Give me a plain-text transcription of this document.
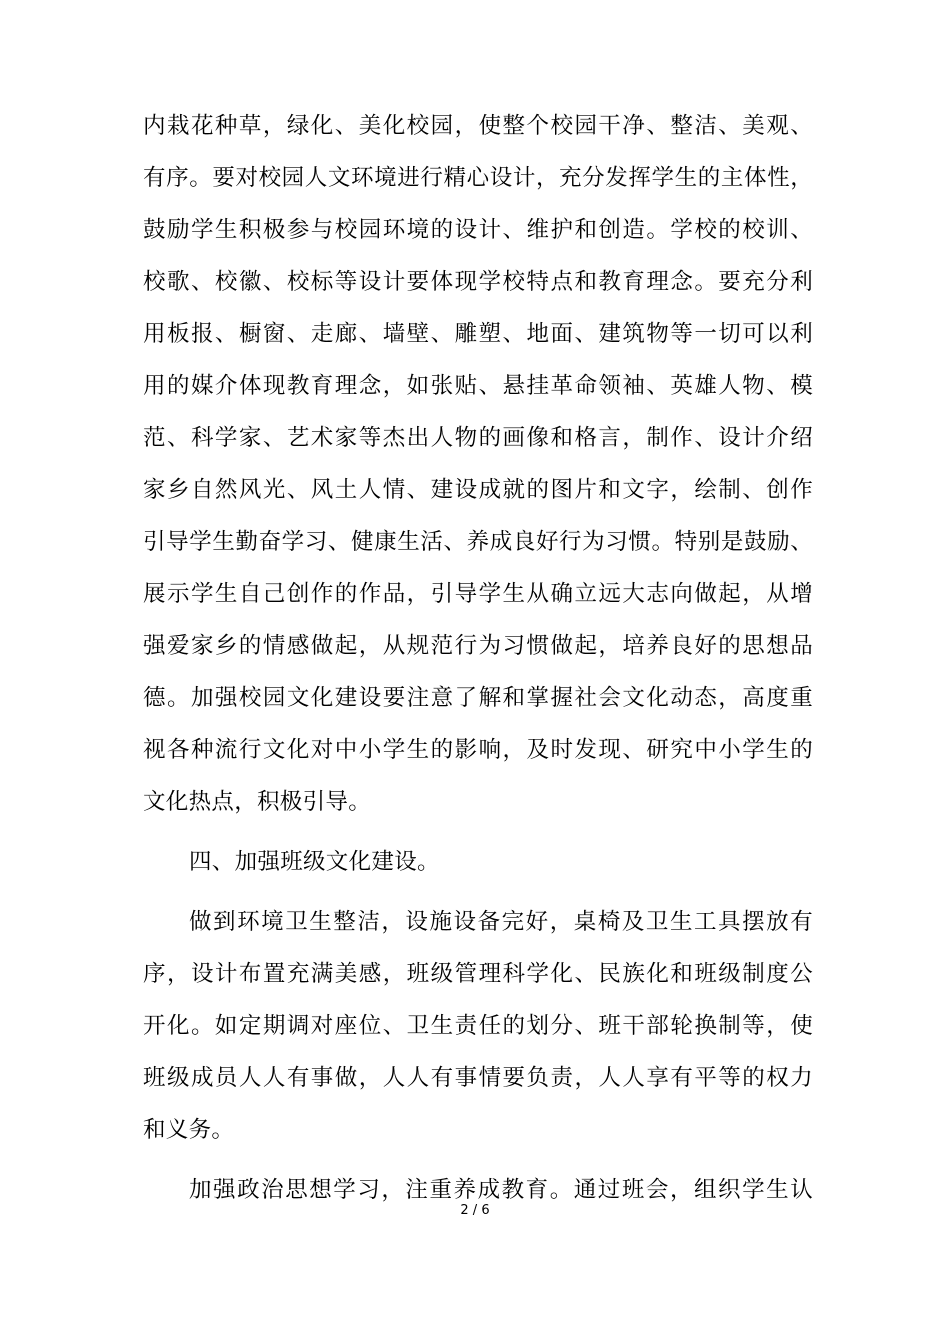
内栽花种草，绿化、美化校园，使整个校园干净、整洁、美观、
有序。要对校园人文环境进行精心设计，充分发挥学生的主体性，
鼓励学生积极参与校园环境的设计、维护和创造。学校的校训、
校歌、校徽、校标等设计要体现学校特点和教育理念。要充分利
用板报、橱窗、走廊、墙壁、雕塑、地面、建筑物等一切可以利
用的媒介体现教育理念，如张贴、悬挂革命领袖、英雄人物、模
范、科学家、艺术家等杰出人物的画像和格言，制作、设计介绍
家乡自然风光、风土人情、建设成就的图片和文字，绘制、创作
引导学生勤奋学习、健康生活、养成良好行为习惯。特别是鼓励、
展示学生自己创作的作品，引导学生从确立远大志向做起，从增
强爱家乡的情感做起，从规范行为习惯做起，培养良好的思想品
德。加强校园文化建设要注意了解和掌握社会文化动态，高度重
视各种流行文化对中小学生的影响，及时发现、研究中小学生的
文化热点，积极引导。
四、加强班级文化建设。
做到环境卫生整洁，设施设备完好，桌椅及卫生工具摆放有
序，设计布置充满美感，班级管理科学化、民族化和班级制度公
开化。如定期调对座位、卫生责任的划分、班干部轮换制等，使
班级成员人人有事做，人人有事情要负责，人人享有平等的权力
和义务。
加强政治思想学习，注重养成教育。通过班会，组织学生认
2 / 6
